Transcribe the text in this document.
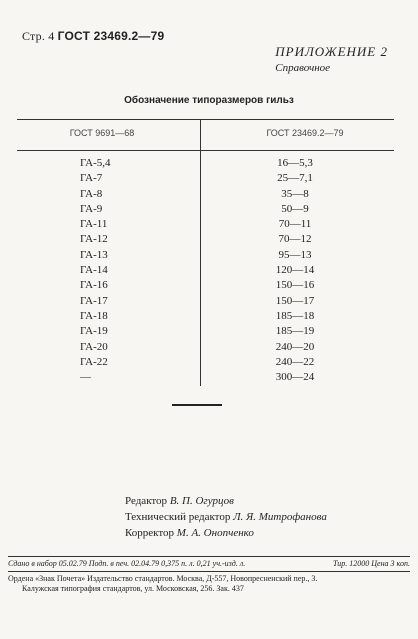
Стр. 4 ГОСТ 23469.2—79
ПРИЛОЖЕНИЕ 2
Справочное
Обозначение типоразмеров гильз
ГОСТ 9691—68	ГОСТ 23469.2—79
ГА-5,4	16—5,3
ГА-7	25—7,1
ГА-8	35—8
ГА-9	50—9
ГА-11	70—11
ГА-12	70—12
ГА-13	95—13
ГА-14	120—14
ГА-16	150—16
ГА-17	150—17
ГА-18	185—18
ГА-19	185—19
ГА-20	240—20
ГА-22	240—22
—	300—24
Редактор В. П. Огурцов
Технический редактор Л. Я. Митрофанова
Корректор М. А. Онопченко
Сдано в набор 05.02.79 Подп. в печ. 02.04.79 0,375 п. л. 0,21 уч.-изд. л.	Тир. 12000 Цена 3 коп.
Ордена «Знак Почета» Издательство стандартов. Москва, Д-557, Новопресненский пер., 3.
Калужская типография стандартов, ул. Московская, 256. Зак. 437
